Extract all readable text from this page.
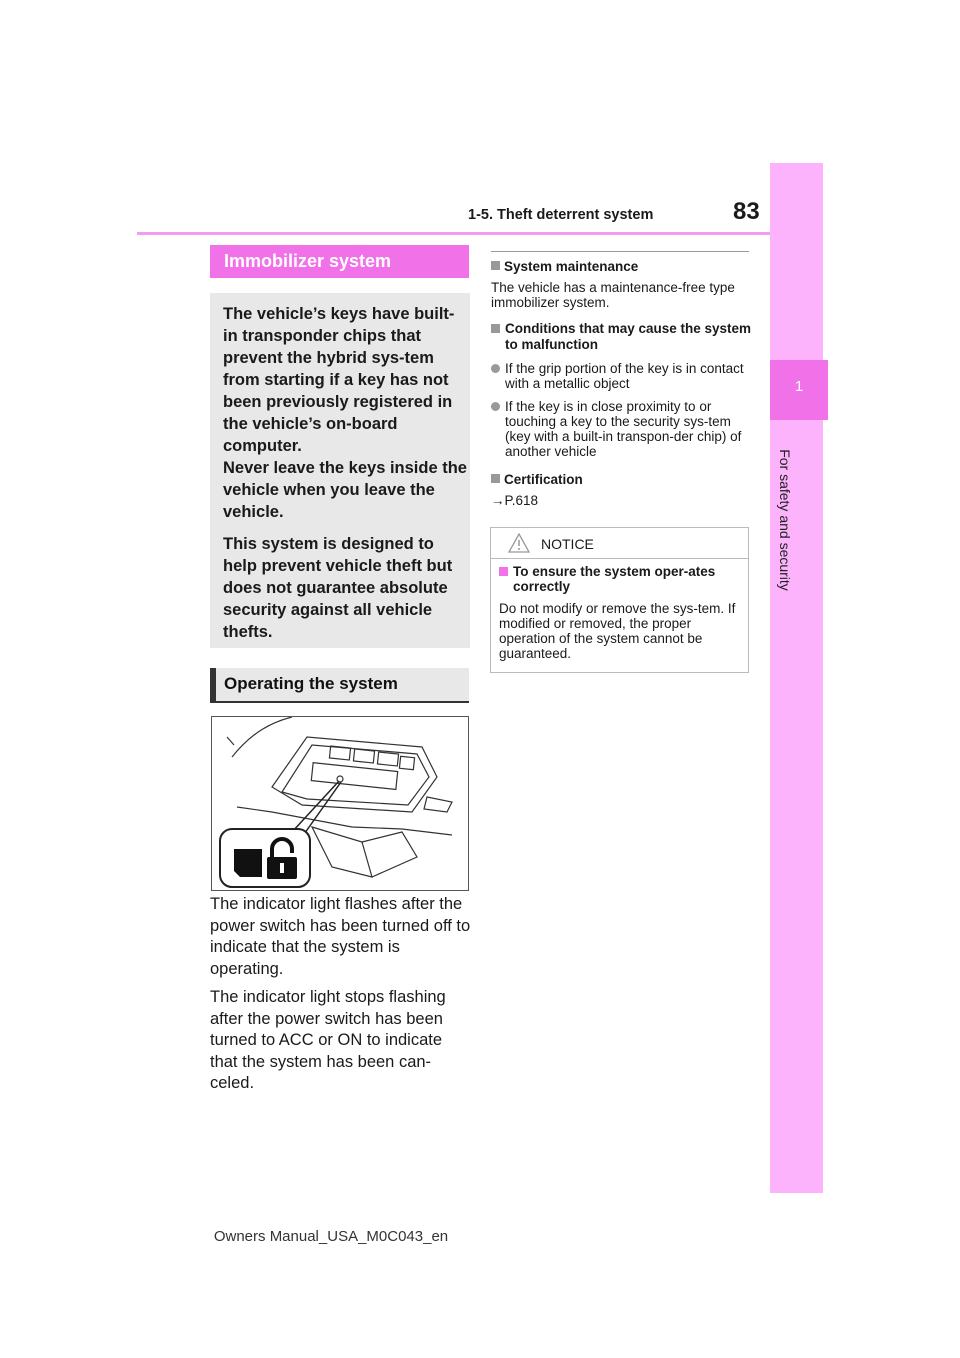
1-5. Theft deterrent system	83
1
For safety and security
Immobilizer system

The vehicle’s keys have built-in transponder chips that prevent the hybrid sys-tem from starting if a key has not been previously registered in the vehicle’s on-board computer.

Never leave the keys inside the vehicle when you leave the vehicle.

This system is designed to help prevent vehicle theft but does not guarantee absolute security against all vehicle thefts.

Operating the system

The indicator light flashes after the power switch has been turned off to indicate that the system is operating.

The indicator light stops flashing after the power switch has been turned to ACC or ON to indicate that the system has been can-celed.

System maintenance

The vehicle has a maintenance-free type immobilizer system.

Conditions that may cause the system to malfunction

If the grip portion of the key is in contact with a metallic object
If the key is in close proximity to or touching a key to the security sys-tem (key with a built-in transpon-der chip) of another vehicle

Certification

→P.618

NOTICE
To ensure the system oper-ates correctly
Do not modify or remove the sys-tem. If modified or removed, the proper operation of the system cannot be guaranteed.
Owners Manual_USA_M0C043_en
